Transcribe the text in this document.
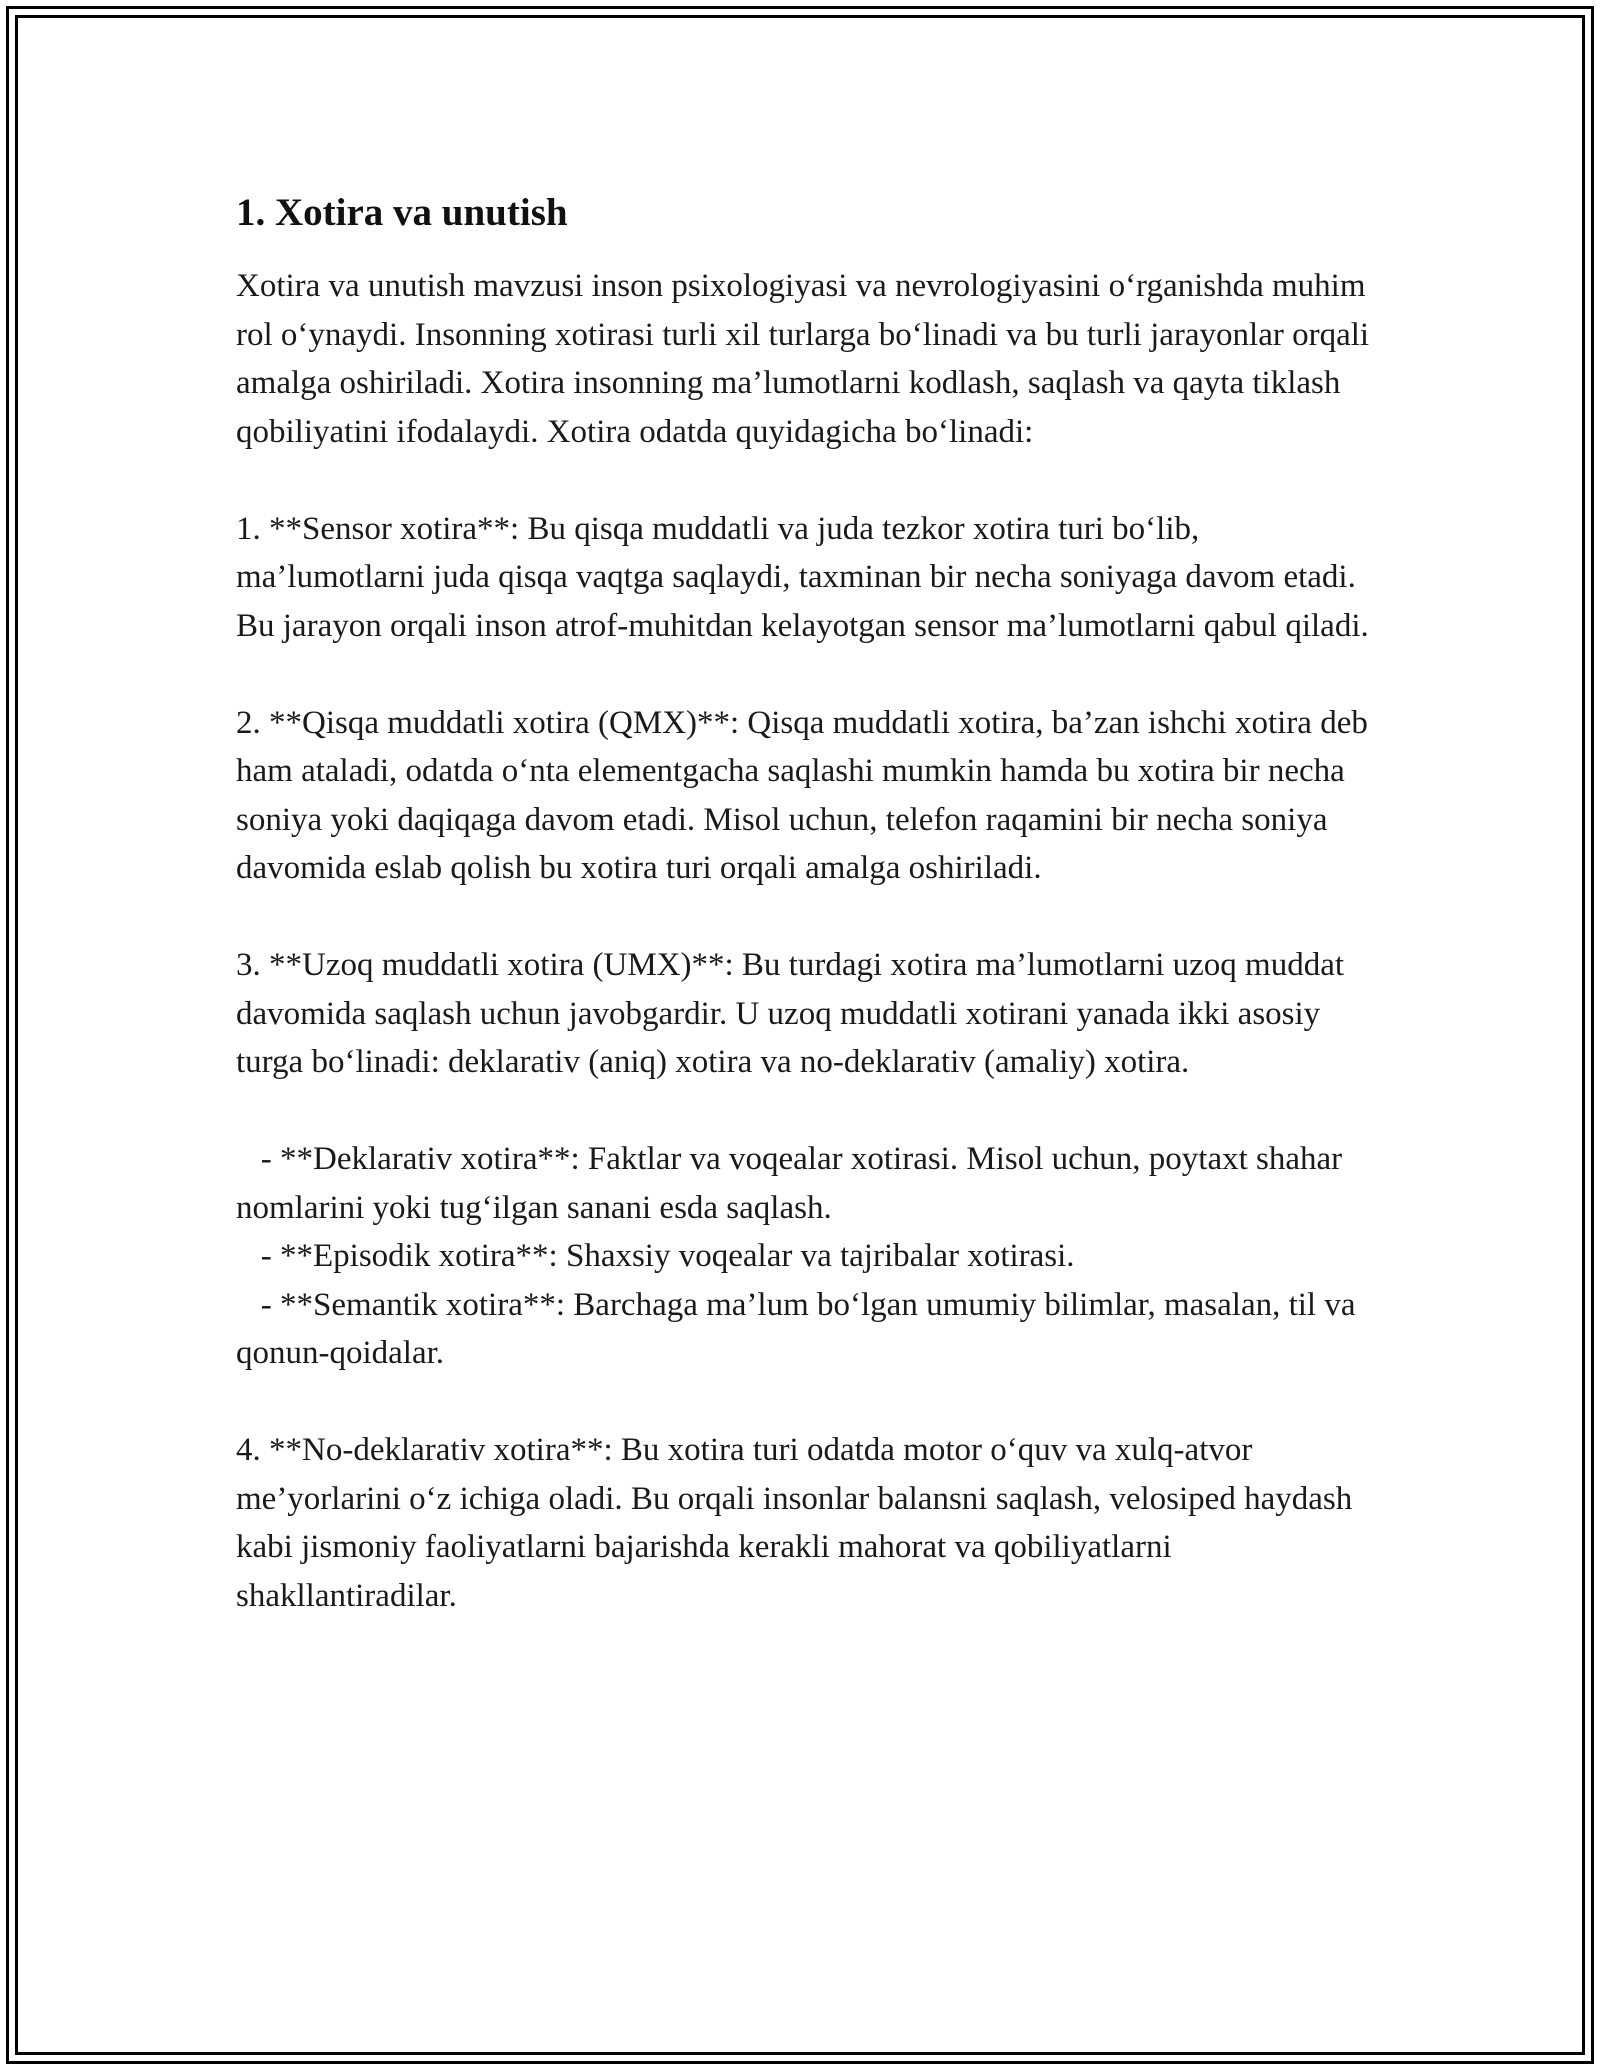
1. Xotira va unutish

Xotira va unutish mavzusi inson psixologiyasi va nevrologiyasini o‘rganishda muhim rol o‘ynaydi. Insonning xotirasi turli xil turlarga bo‘linadi va bu turli jarayonlar orqali amalga oshiriladi. Xotira insonning ma’lumotlarni kodlash, saqlash va qayta tiklash qobiliyatini ifodalaydi. Xotira odatda quyidagicha bo‘linadi:

1. **Sensor xotira**: Bu qisqa muddatli va juda tezkor xotira turi bo‘lib, ma’lumotlarni juda qisqa vaqtga saqlaydi, taxminan bir necha soniyaga davom etadi. Bu jarayon orqali inson atrof-muhitdan kelayotgan sensor ma’lumotlarni qabul qiladi.

2. **Qisqa muddatli xotira (QMX)**: Qisqa muddatli xotira, ba’zan ishchi xotira deb ham ataladi, odatda o‘nta elementgacha saqlashi mumkin hamda bu xotira bir necha soniya yoki daqiqaga davom etadi. Misol uchun, telefon raqamini bir necha soniya davomida eslab qolish bu xotira turi orqali amalga oshiriladi.

3. **Uzoq muddatli xotira (UMX)**: Bu turdagi xotira ma’lumotlarni uzoq muddat davomida saqlash uchun javobgardir. U uzoq muddatli xotirani yanada ikki asosiy turga bo‘linadi: deklarativ (aniq) xotira va no-deklarativ (amaliy) xotira.

- **Deklarativ xotira**: Faktlar va voqealar xotirasi. Misol uchun, poytaxt shahar nomlarini yoki tug‘ilgan sanani esda saqlash.

- **Episodik xotira**: Shaxsiy voqealar va tajribalar xotirasi.

- **Semantik xotira**: Barchaga ma’lum bo‘lgan umumiy bilimlar, masalan, til va qonun-qoidalar.

4. **No-deklarativ xotira**: Bu xotira turi odatda motor o‘quv va xulq-atvor me’yorlarini o‘z ichiga oladi. Bu orqali insonlar balansni saqlash, velosiped haydash kabi jismoniy faoliyatlarni bajarishda kerakli mahorat va qobiliyatlarni shakllantiradilar.
